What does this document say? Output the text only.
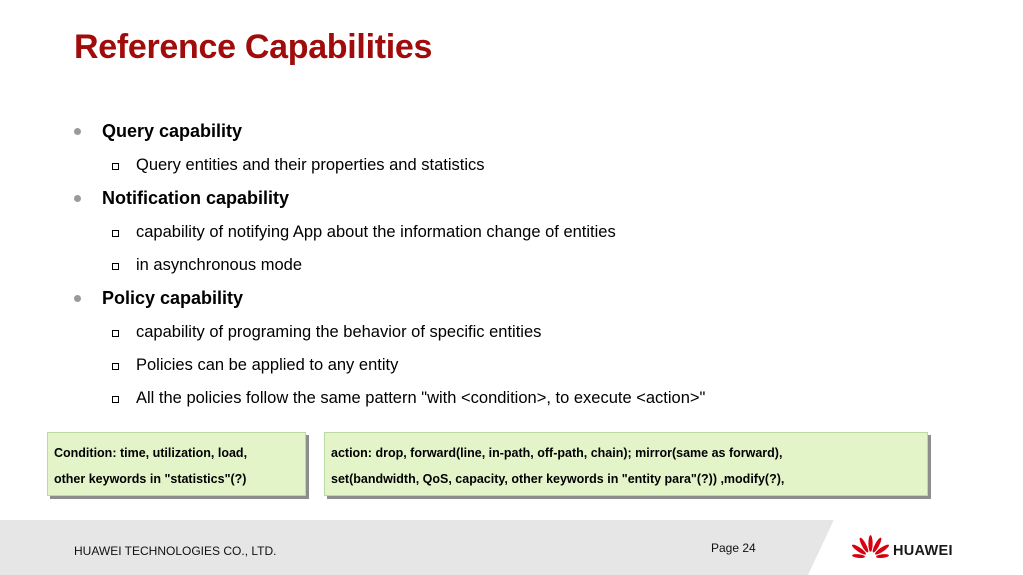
Reference Capabilities
Query capability
Query entities and their properties and statistics
Notification capability
capability of notifying App about the information change of entities
in asynchronous mode
Policy capability
capability of programing the behavior of specific entities
Policies can be applied to any entity
All the policies follow the same pattern "with <condition>, to execute <action>"
Condition: time, utilization, load,
other keywords in "statistics"(?)
action: drop, forward(line, in-path, off-path, chain); mirror(same as forward),
set(bandwidth, QoS, capacity, other keywords in "entity para"(?)) ,modify(?),
HUAWEI TECHNOLOGIES CO., LTD.	Page 24	HUAWEI
